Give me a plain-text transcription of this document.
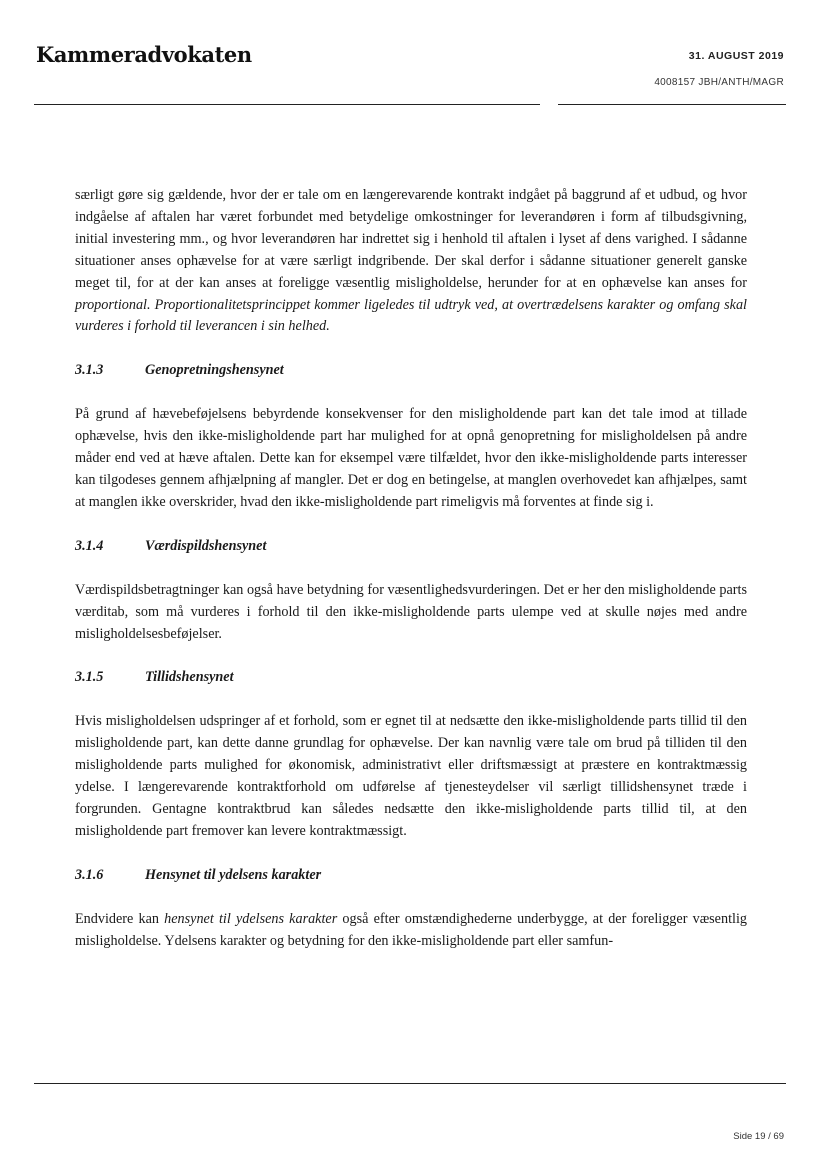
Kammeradvokaten	31. AUGUST 2019
4008157 JBH/ANTH/MAGR

særligt gøre sig gældende, hvor der er tale om en længerevarende kontrakt indgået på baggrund af et udbud, og hvor indgåelse af aftalen har været forbundet med betydelige omkostninger for leverandøren i form af tilbudsgivning, initial investering mm., og hvor leverandøren har indrettet sig i henhold til aftalen i lyset af dens varighed. I sådanne situationer anses ophævelse for at være særligt indgribende. Der skal derfor i sådanne situationer generelt ganske meget til, for at der kan anses at foreligge væsentlig misligholdelse, herunder for at en ophævelse kan anses for proportional. Proportionalitetsprincippet kommer ligeledes til udtryk ved, at overtrædelsens karakter og omfang skal vurderes i forhold til leverancen i sin helhed.

3.1.3	Genopretningshensynet

På grund af hævebeføjelsens bebyrdende konsekvenser for den misligholdende part kan det tale imod at tillade ophævelse, hvis den ikke-misligholdende part har mulighed for at opnå genopretning for misligholdelsen på andre måder end ved at hæve aftalen. Dette kan for eksempel være tilfældet, hvor den ikke-misligholdende parts interesser kan tilgodeses gennem afhjælpning af mangler. Det er dog en betingelse, at manglen overhovedet kan afhjælpes, samt at manglen ikke overskrider, hvad den ikke-misligholdende part rimeligvis må forventes at finde sig i.

3.1.4	Værdispildshensynet

Værdispildsbetragtninger kan også have betydning for væsentlighedsvurderingen. Det er her den misligholdende parts værditab, som må vurderes i forhold til den ikke-misligholdende parts ulempe ved at skulle nøjes med andre misligholdelsesbeføjelser.

3.1.5	Tillidshensynet

Hvis misligholdelsen udspringer af et forhold, som er egnet til at nedsætte den ikke-misligholdende parts tillid til den misligholdende part, kan dette danne grundlag for ophævelse. Der kan navnlig være tale om brud på tilliden til den misligholdende parts mulighed for økonomisk, administrativt eller driftsmæssigt at præstere en kontraktmæssig ydelse. I længerevarende kontraktforhold om udførelse af tjenesteydelser vil særligt tillidshensynet træde i forgrunden. Gentagne kontraktbrud kan således nedsætte den ikke-misligholdende parts tillid til, at den misligholdende part fremover kan levere kontraktmæssigt.

3.1.6	Hensynet til ydelsens karakter

Endvidere kan hensynet til ydelsens karakter også efter omstændighederne underbygge, at der foreligger væsentlig misligholdelse. Ydelsens karakter og betydning for den ikke-misligholdende part eller samfun-

Side 19 / 69
